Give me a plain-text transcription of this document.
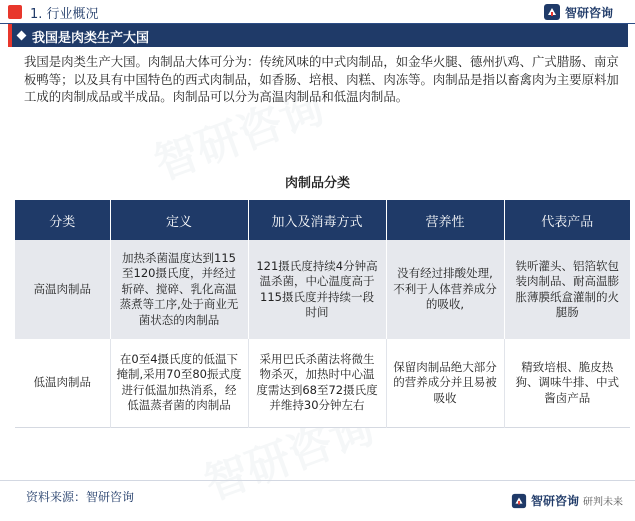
1. 行业概况	智研咨询
我国是肉类生产大国

我国是肉类生产大国。肉制品大体可分为：传统风味的中式肉制品，如金华火腿、德州扒鸡、广式腊肠、南京板鸭等；以及具有中国特色的西式肉制品，如香肠、培根、肉糕、肉冻等。肉制品是指以畜禽肉为主要原料加工成的肉制成品或半成品。肉制品可以分为高温肉制品和低温肉制品。

肉制品分类
分类	定义	加入及消毒方式	营养性	代表产品
高温肉制品	加热杀菌温度达到115至120摄氏度，并经过斩碎、搅碎、乳化高温蒸煮等工序,处于商业无菌状态的肉制品	121摄氏度持续4分钟高温杀菌，中心温度高于115摄氏度并持续一段时间	没有经过排酸处理,不利于人体营养成分的吸收,	铁听灌头、铝箔软包装肉制品、耐高温膨胀薄膜纸盒灌制的火腿肠
低温肉制品	在0至4摄氏度的低温下掩制,采用70至80振式度进行低温加热消系，经低温蒸者菌的肉制品	采用巴氏杀菌法将微生物杀灭，加热时中心温度需达到68至72摄氏度并维持30分钟左右	保留肉制品绝大部分的营养成分并且易被吸收	精致培根、脆皮热狗、调味牛排、中式酱卤产品
资料来源：智研咨询	智研咨询 研判未来
